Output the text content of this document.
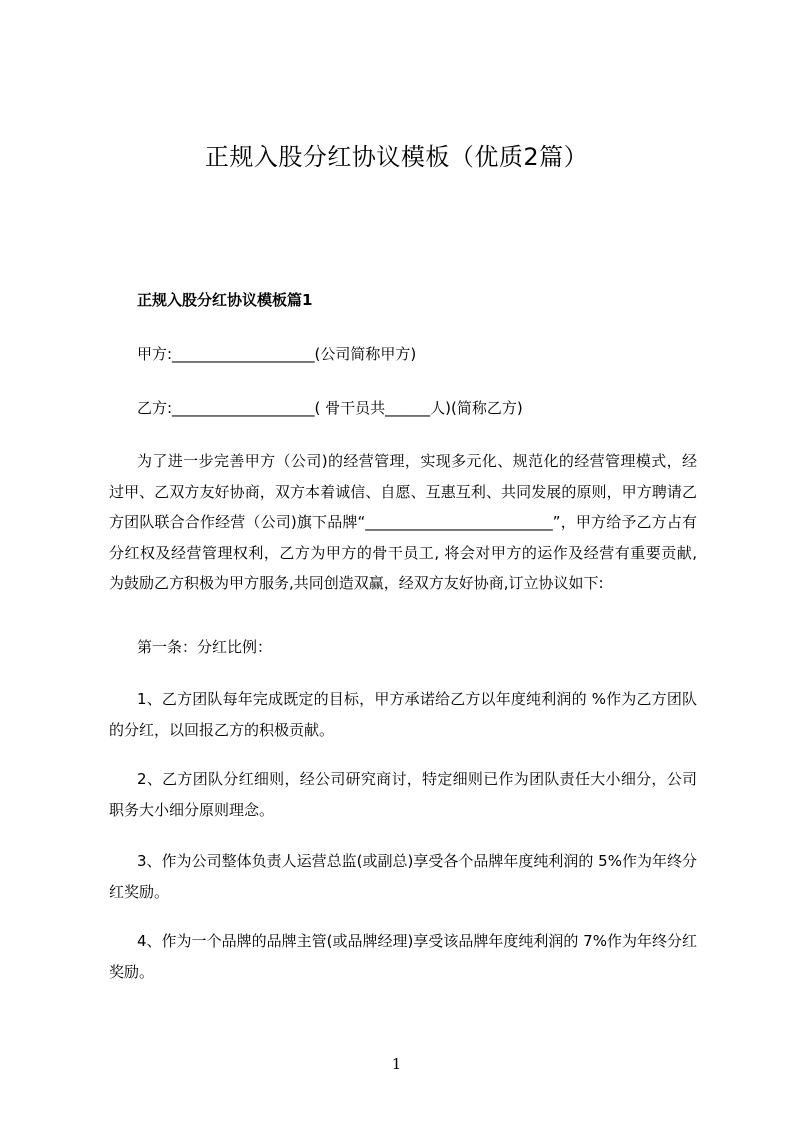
正规入股分红协议模板（优质2篇）
正规入股分红协议模板篇1
甲方:___________________(公司简称甲方)
乙方:___________________( 骨干员共______人)(简称乙方)
为了进一步完善甲方（公司)的经营管理，实现多元化、规范化的经营管理模式，经过甲、乙双方友好协商，双方本着诚信、自愿、互惠互利、共同发展的原则，甲方聘请乙方团队联合合作经营（公司)旗下品牌“_________________________”，甲方给予乙方占有分红权及经营管理权利，乙方为甲方的骨干员工, 将会对甲方的运作及经营有重要贡献, 为鼓励乙方积极为甲方服务,共同创造双赢，经双方友好协商,订立协议如下:
第一条：分红比例：
1、乙方团队每年完成既定的目标，甲方承诺给乙方以年度纯利润的 %作为乙方团队的分红，以回报乙方的积极贡献。
2、乙方团队分红细则，经公司研究商讨，特定细则已作为团队责任大小细分，公司职务大小细分原则理念。
3、作为公司整体负责人运营总监(或副总)享受各个品牌年度纯利润的 5%作为年终分红奖励。
4、作为一个品牌的品牌主管(或品牌经理)享受该品牌年度纯利润的 7%作为年终分红奖励。
1
